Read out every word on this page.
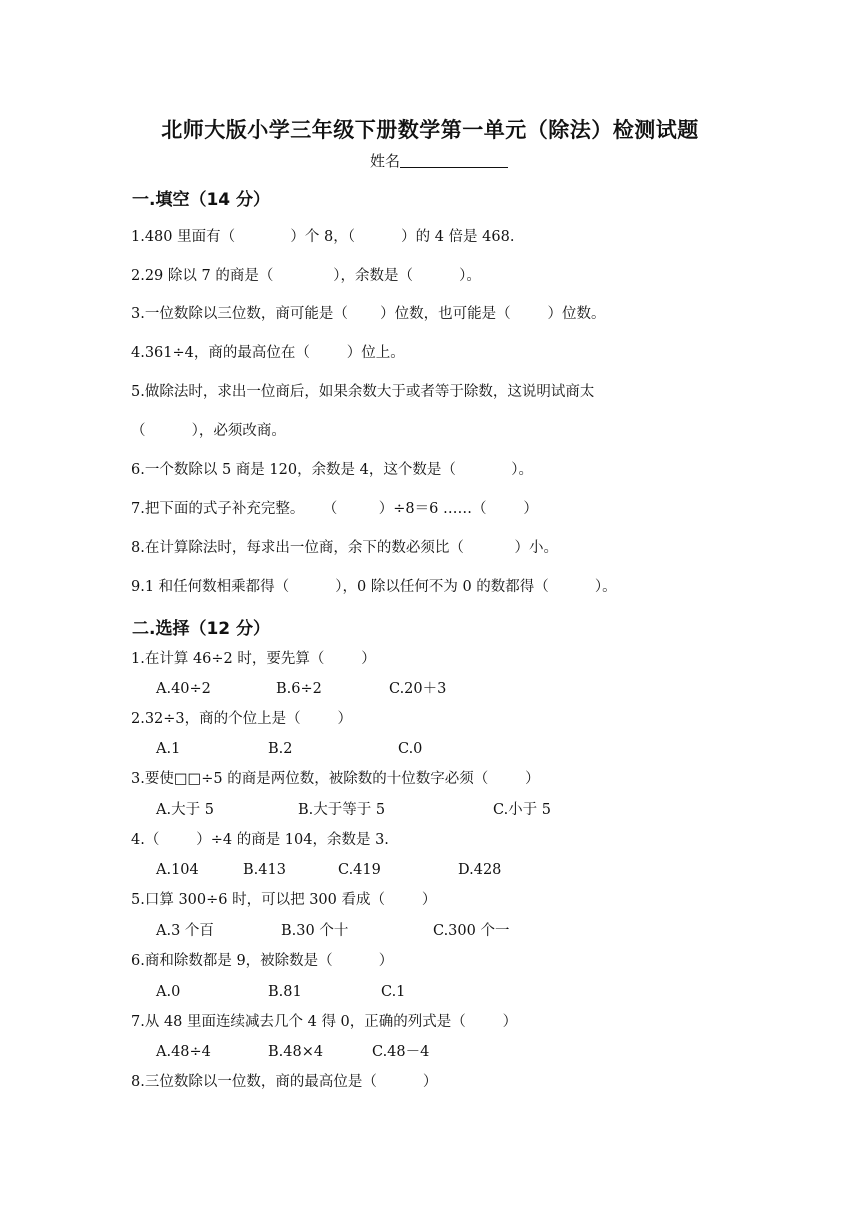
北师大版小学三年级下册数学第一单元（除法）检测试题
姓名
一.填空（14 分）
1.480 里面有（            ）个 8，（          ）的 4 倍是 468.
2.29 除以 7 的商是（             ），余数是（          ）。
3.一位数除以三位数，商可能是（       ）位数，也可能是（        ）位数。
4.361÷4，商的最高位在（        ）位上。
5.做除法时，求出一位商后，如果余数大于或者等于除数，这说明试商太
（          ），必须改商。
6.一个数除以 5 商是 120，余数是 4，这个数是（            ）。
7.把下面的式子补充完整。    （         ）÷8＝6 ……（        ）
8.在计算除法时，每求出一位商，余下的数必须比（           ）小。
9.1 和任何数相乘都得（          ），0 除以任何不为 0 的数都得（          ）。
二.选择（12 分）
1.在计算 46÷2 时，要先算（        ）
A.40÷2	B.6÷2	C.20＋3
2.32÷3，商的个位上是（        ）
A.1	B.2	C.0
3.要使□□÷5 的商是两位数，被除数的十位数字必须（        ）
A.大于 5	B.大于等于 5	C.小于 5
4.（        ）÷4 的商是 104，余数是 3.
A.104	B.413	C.419	D.428
5.口算 300÷6 时，可以把 300 看成（        ）
A.3 个百	B.30 个十	C.300 个一
6.商和除数都是 9，被除数是（          ）
A.0	B.81	C.1
7.从 48 里面连续减去几个 4 得 0，正确的列式是（        ）
A.48÷4	B.48×4	C.48－4
8.三位数除以一位数，商的最高位是（          ）
